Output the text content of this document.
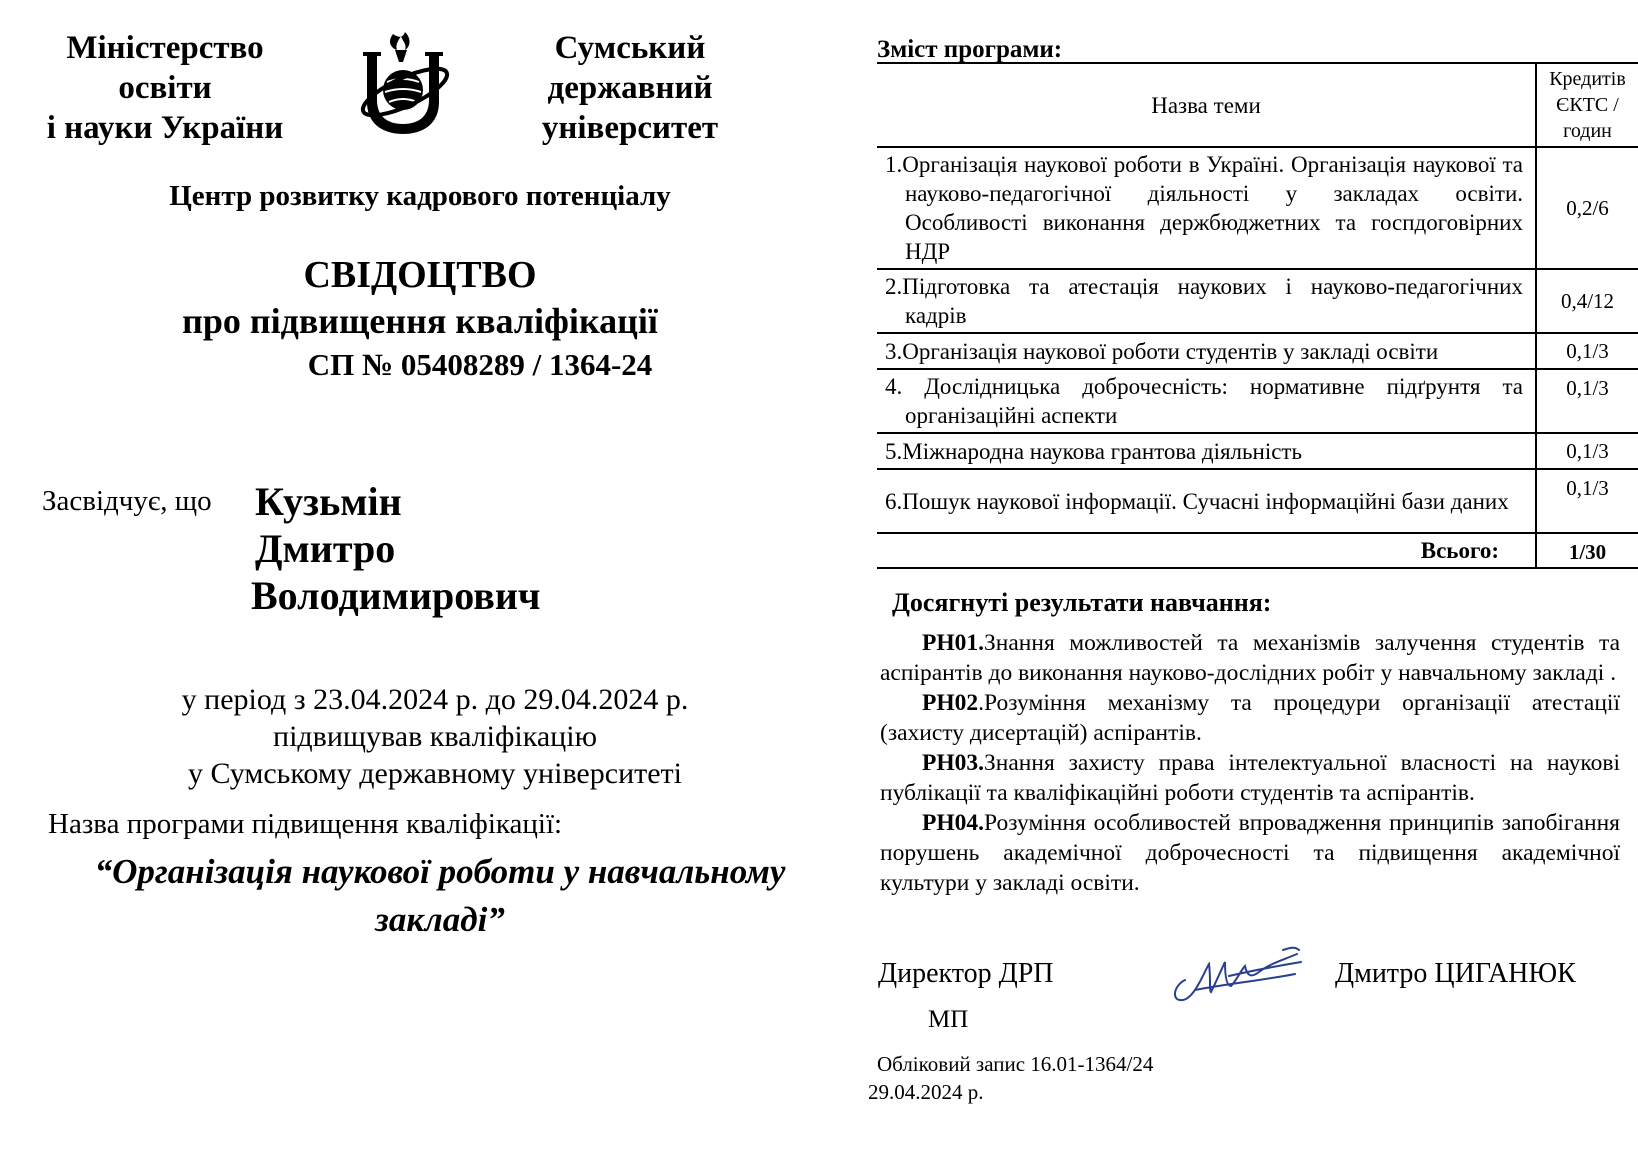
Міністерство
освіти
і науки України
Сумський
державний
університет
Центр розвитку кадрового потенціалу
СВІДОЦТВО
про підвищення кваліфікації
СП № 05408289 / 1364-24
Засвідчує, що Кузьмін
Дмитро
Володимирович
у період з 23.04.2024 р. до 29.04.2024 р.
підвищував кваліфікацію
у Сумському державному університеті
Назва програми підвищення кваліфікації:
“Організація наукової роботи у навчальному закладі”
Зміст програми:
Назва теми	Кредитів ЄКТС / годин
1.Організація наукової роботи в Україні. Організація наукової та науково-педагогічної діяльності у закладах освіти. Особливості виконання держбюджетних та госпдоговірних НДР	0,2/6
2.Підготовка та атестація наукових і науково-педагогічних кадрів	0,4/12
3.Організація наукової роботи студентів у закладі освіти	0,1/3
4. Дослідницька доброчесність: нормативне підґрунтя та організаційні аспекти	0,1/3
5.Міжнародна наукова грантова діяльність	0,1/3
6.Пошук наукової інформації. Сучасні інформаційні бази даних	0,1/3
Всього:	1/30
Досягнуті результати навчання:

РН01.Знання можливостей та механізмів залучення студентів та аспірантів до виконання науково-дослідних робіт у навчальному закладі .

РН02.Розуміння механізму та процедури організації атестації (захисту дисертацій) аспірантів.

РН03.Знання захисту права інтелектуальної власності на наукові публікації та кваліфікаційні роботи студентів та аспірантів.

РН04.Розуміння особливостей впровадження принципів запобігання порушень академічної доброчесності та підвищення академічної культури у закладі освіти.

Директор ДРП	Дмитро ЦИГАНЮК
МП
Обліковий запис 16.01-1364/24
29.04.2024 р.
